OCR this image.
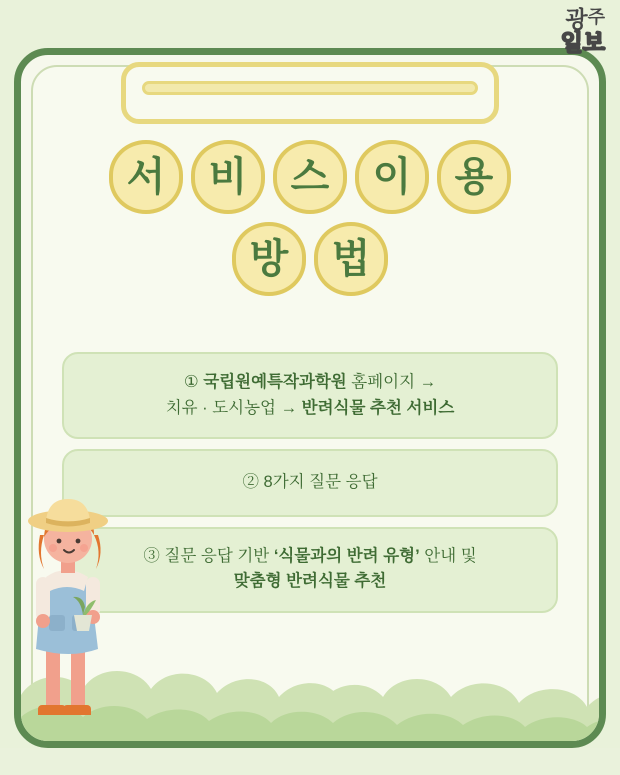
광 주
일 보
서	비	스	이	용
방	법
① 국립원예특작과학원 홈페이지 →
치유 · 도시농업 → 반려식물 추천 서비스
② 8가지 질문 응답
③ 질문 응답 기반 ‘식물과의 반려 유형’ 안내 및
맞춤형 반려식물 추천
